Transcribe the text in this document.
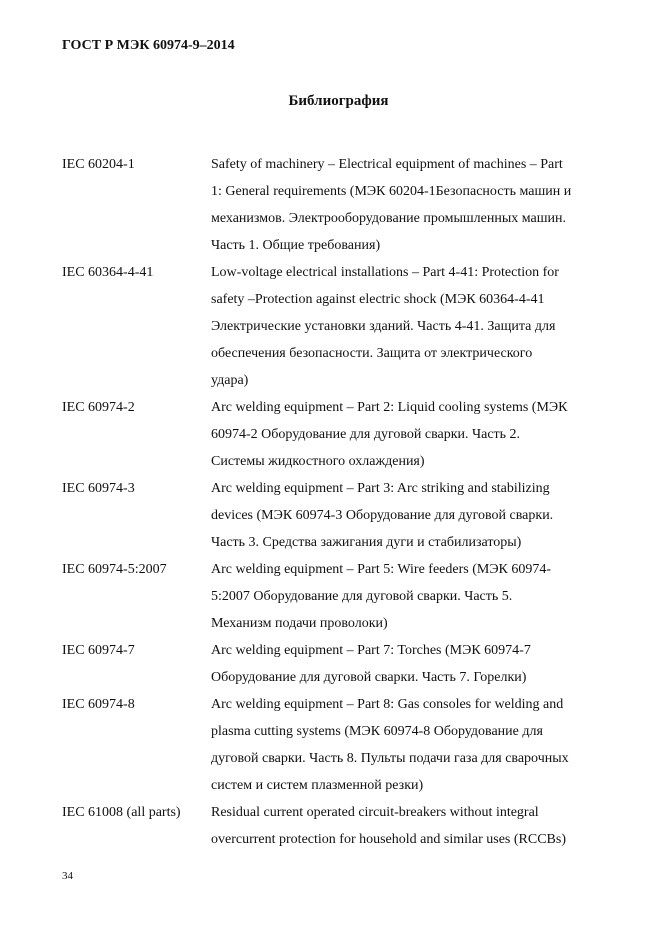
ГОСТ Р МЭК 60974-9–2014
Библиография
IEC 60204-1	Safety of machinery – Electrical equipment of machines – Part
1: General requirements (МЭК 60204-1Безопасность машин и
механизмов. Электрооборудование промышленных машин.
Часть 1. Общие требования)
IEC 60364-4-41	Low-voltage electrical installations – Part 4-41: Protection for
safety –Protection against electric shock (МЭК 60364-4-41
Электрические установки зданий. Часть 4-41. Защита для
обеспечения безопасности. Защита от электрического
удара)
IEC 60974-2	Arc welding equipment – Part 2: Liquid cooling systems (МЭК
60974-2 Оборудование для дуговой сварки. Часть 2.
Системы жидкостного охлаждения)
IEC 60974-3	Arc welding equipment – Part 3: Arc striking and stabilizing
devices (МЭК 60974-3 Оборудование для дуговой сварки.
Часть 3. Средства зажигания дуги и стабилизаторы)
IEC 60974-5:2007	Arc welding equipment – Part 5: Wire feeders (МЭК 60974-
5:2007 Оборудование для дуговой сварки. Часть 5.
Механизм подачи проволоки)
IEC 60974-7	Arc welding equipment – Part 7: Torches (МЭК 60974-7
Оборудование для дуговой сварки. Часть 7. Горелки)
IEC 60974-8	Arc welding equipment – Part 8: Gas consoles for welding and
plasma cutting systems (МЭК 60974-8 Оборудование для
дуговой сварки. Часть 8. Пульты подачи газа для сварочных
систем и систем плазменной резки)
IEC 61008 (all parts)	Residual current operated circuit-breakers without integral
overcurrent protection for household and similar uses (RCCBs)
34
